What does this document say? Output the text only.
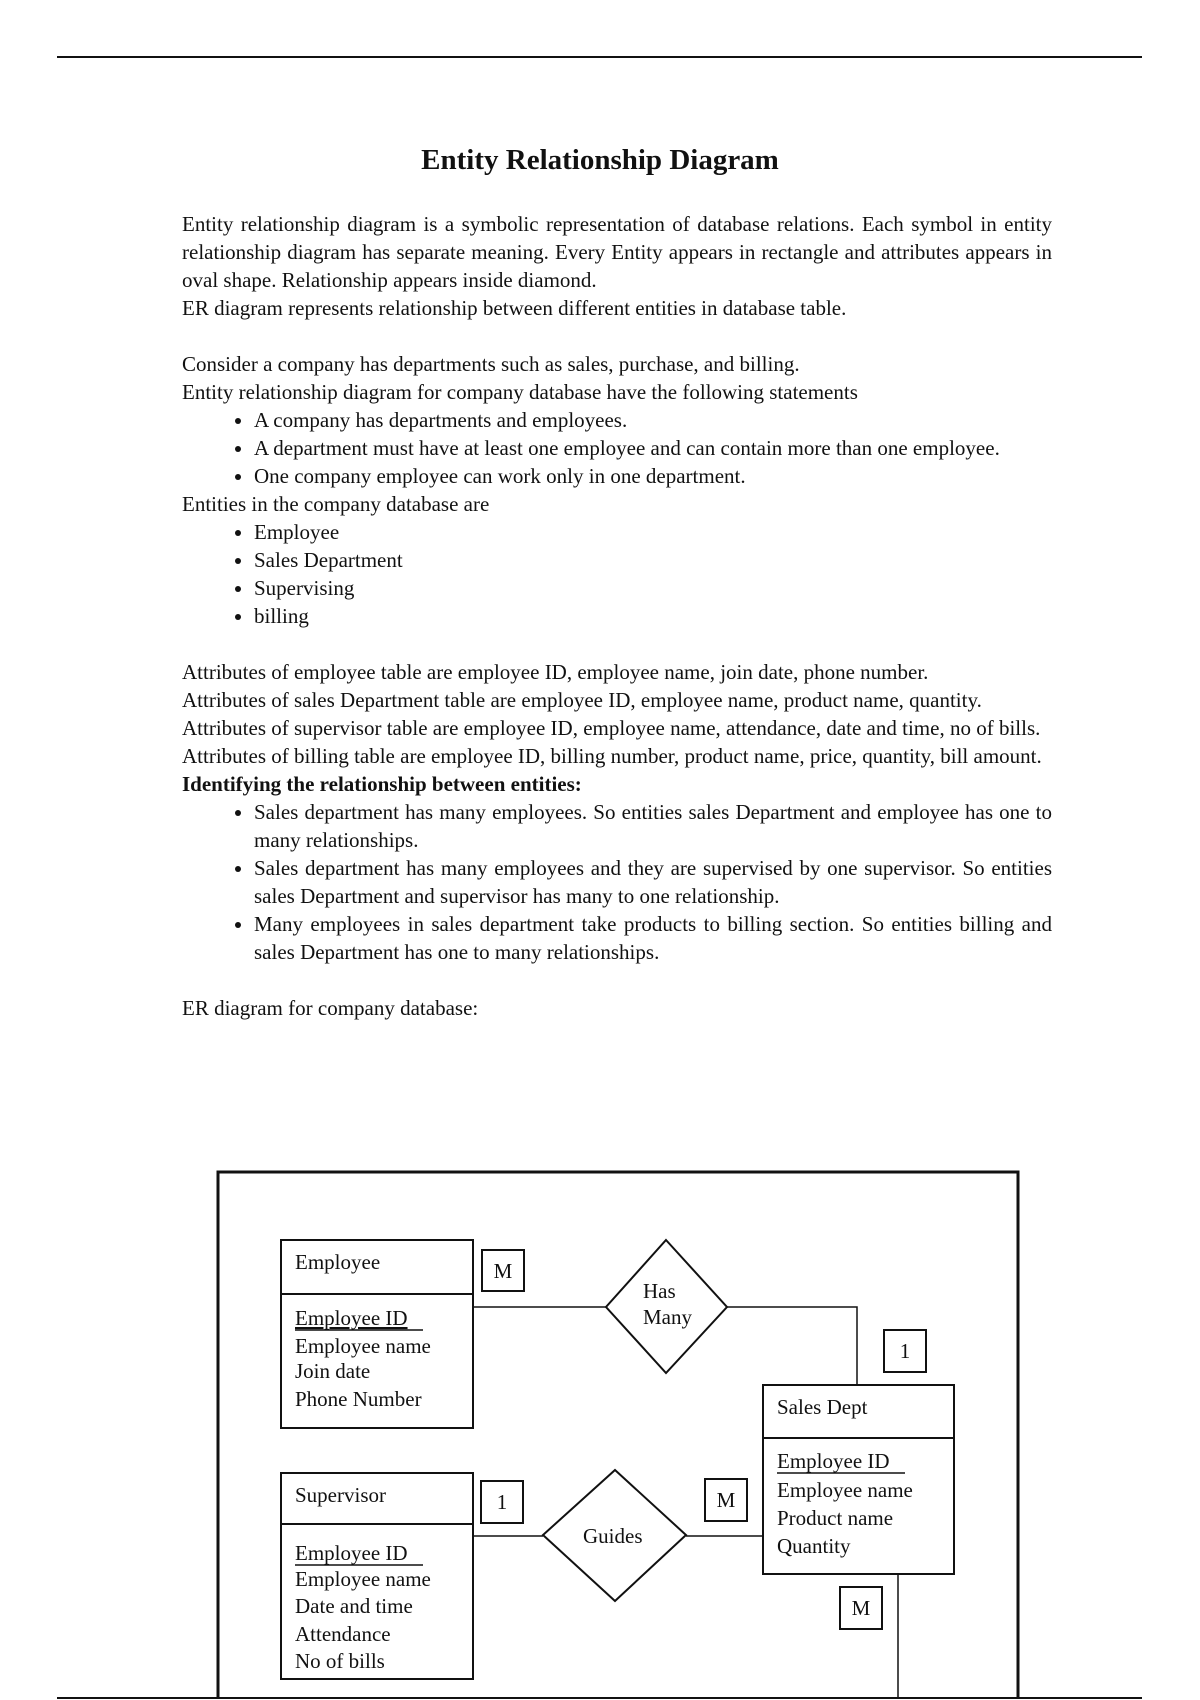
Entity Relationship Diagram

Entity relationship diagram is a symbolic representation of database relations. Each symbol in entity relationship diagram has separate meaning. Every Entity appears in rectangle and attributes appears in oval shape. Relationship appears inside diamond.

ER diagram represents relationship between different entities in database table.

Consider a company has departments such as sales, purchase, and billing.

Entity relationship diagram for company database have the following statements

• A company has departments and employees.
• A department must have at least one employee and can contain more than one employee.
• One company employee can work only in one department.

Entities in the company database are

• Employee
• Sales Department
• Supervising
• billing

Attributes of employee table are employee ID, employee name, join date, phone number.

Attributes of sales Department table are employee ID, employee name, product name, quantity.

Attributes of supervisor table are employee ID, employee name, attendance, date and time, no of bills.

Attributes of billing table are employee ID, billing number, product name, price, quantity, bill amount.

Identifying the relationship between entities:

• Sales department has many employees. So entities sales Department and employee has one to many relationships.
• Sales department has many employees and they are supervised by one supervisor. So entities sales Department and supervisor has many to one relationship.
• Many employees in sales department take products to billing section. So entities billing and sales Department has one to many relationships.

ER diagram for company database:

Employee
Employee ID
Employee name
Join date
Phone Number
Supervisor
Employee ID
Employee name
Date and time
Attendance
No of bills
Sales Dept
Employee ID
Employee name
Product name
Quantity
Has
Many
Guides
M
1
1	M
M
